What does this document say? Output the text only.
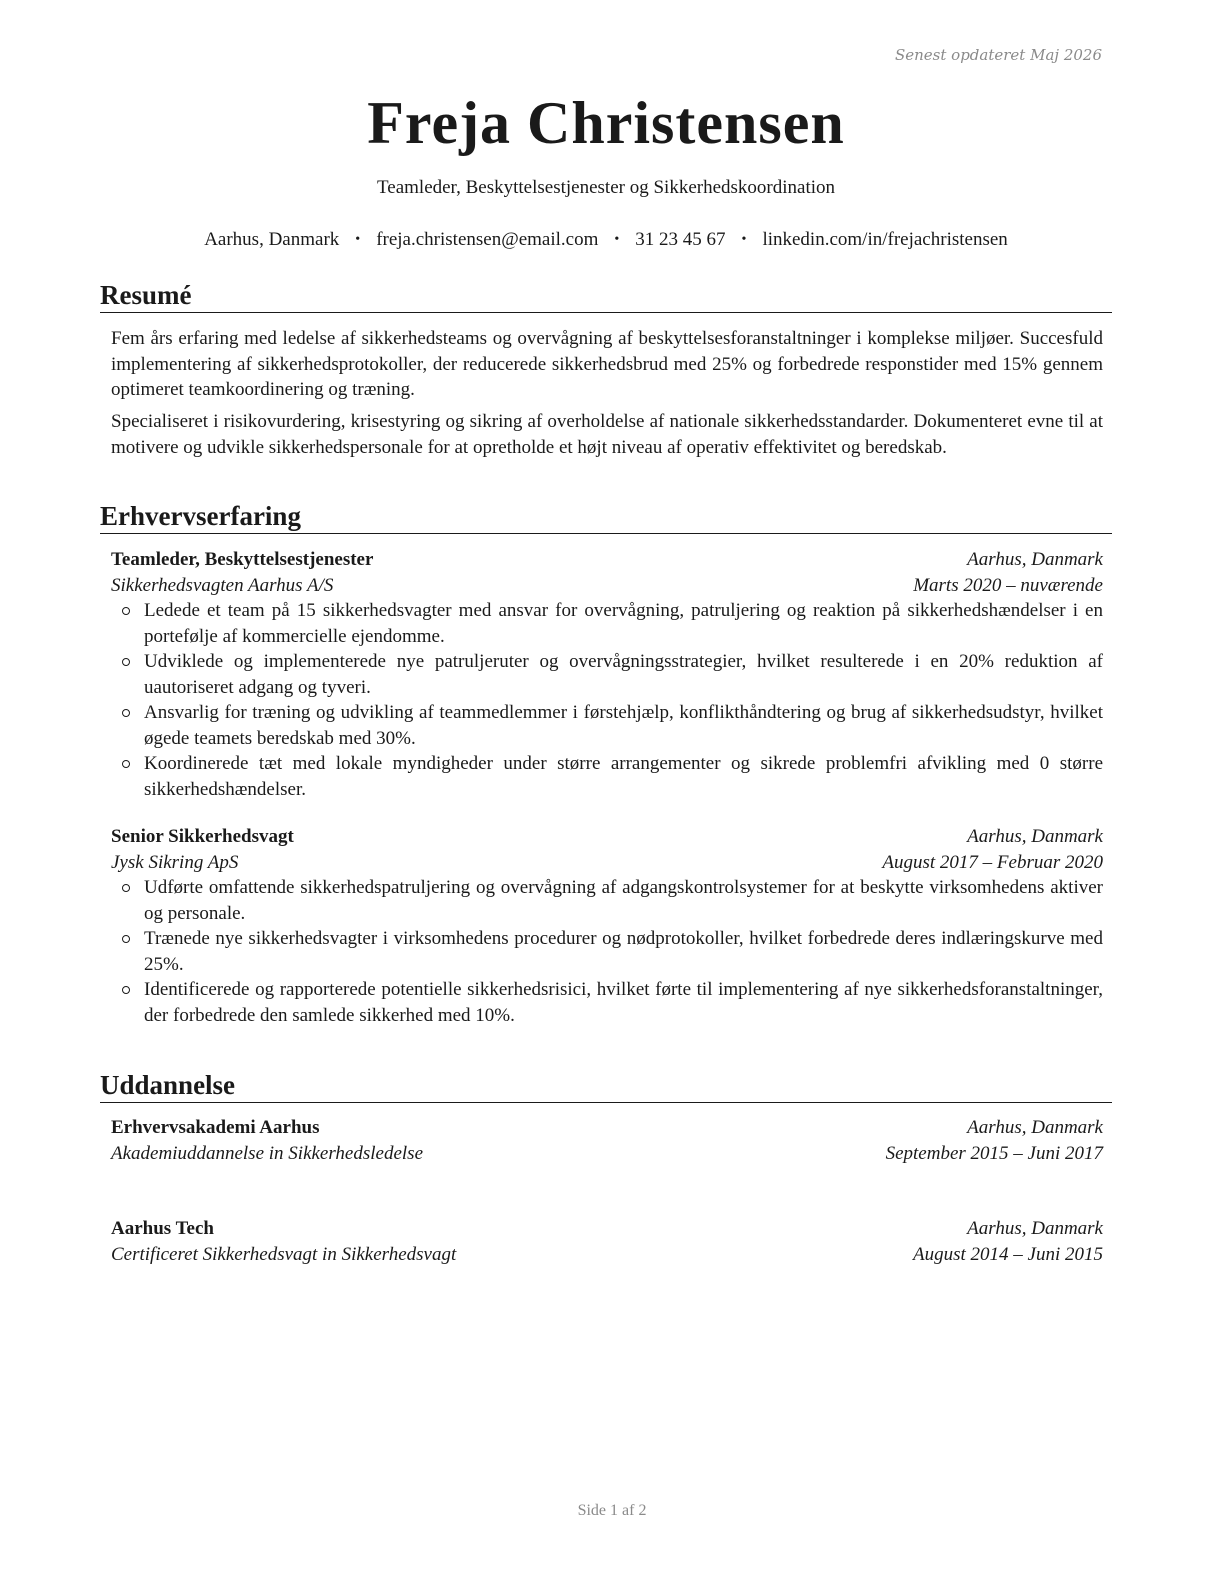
Senest opdateret Maj 2026
Freja Christensen
Teamleder, Beskyttelsestjenester og Sikkerhedskoordination
Aarhus, Danmark • freja.christensen@email.com • 31 23 45 67 • linkedin.com/in/frejachristensen
Resumé
Fem års erfaring med ledelse af sikkerhedsteams og overvågning af beskyttelsesforanstaltninger i komplekse miljøer. Succesfuld implementering af sikkerhedsprotokoller, der reducerede sikkerhedsbrud med 25% og forbedrede responstider med 15% gennem optimeret teamkoordinering og træning.
Specialiseret i risikovurdering, krisestyring og sikring af overholdelse af nationale sikkerhedsstandarder. Dokumenteret evne til at motivere og udvikle sikkerhedspersonale for at opretholde et højt niveau af operativ effektivitet og beredskab.
Erhvervserfaring
Teamleder, Beskyttelsestjenester	Aarhus, Danmark
Sikkerhedsvagten Aarhus A/S	Marts 2020 – nuværende
Ledede et team på 15 sikkerhedsvagter med ansvar for overvågning, patruljering og reaktion på sikkerhedshændelser i en portefølje af kommercielle ejendomme.
Udviklede og implementerede nye patruljeruter og overvågningsstrategier, hvilket resulterede i en 20% reduktion af uautoriseret adgang og tyveri.
Ansvarlig for træning og udvikling af teammedlemmer i førstehjælp, konflikthåndtering og brug af sikkerhedsudstyr, hvilket øgede teamets beredskab med 30%.
Koordinerede tæt med lokale myndigheder under større arrangementer og sikrede problemfri afvikling med 0 større sikkerhedshændelser.
Senior Sikkerhedsvagt	Aarhus, Danmark
Jysk Sikring ApS	August 2017 – Februar 2020
Udførte omfattende sikkerhedspatruljering og overvågning af adgangskontrolsystemer for at beskytte virksomhedens aktiver og personale.
Trænede nye sikkerhedsvagter i virksomhedens procedurer og nødprotokoller, hvilket forbedrede deres indlæringskurve med 25%.
Identificerede og rapporterede potentielle sikkerhedsrisici, hvilket førte til implementering af nye sikkerhedsforanstaltninger, der forbedrede den samlede sikkerhed med 10%.
Uddannelse
Erhvervsakademi Aarhus	Aarhus, Danmark
Akademiuddannelse in Sikkerhedsledelse	September 2015 – Juni 2017
Aarhus Tech	Aarhus, Danmark
Certificeret Sikkerhedsvagt in Sikkerhedsvagt	August 2014 – Juni 2015
Side 1 af 2
